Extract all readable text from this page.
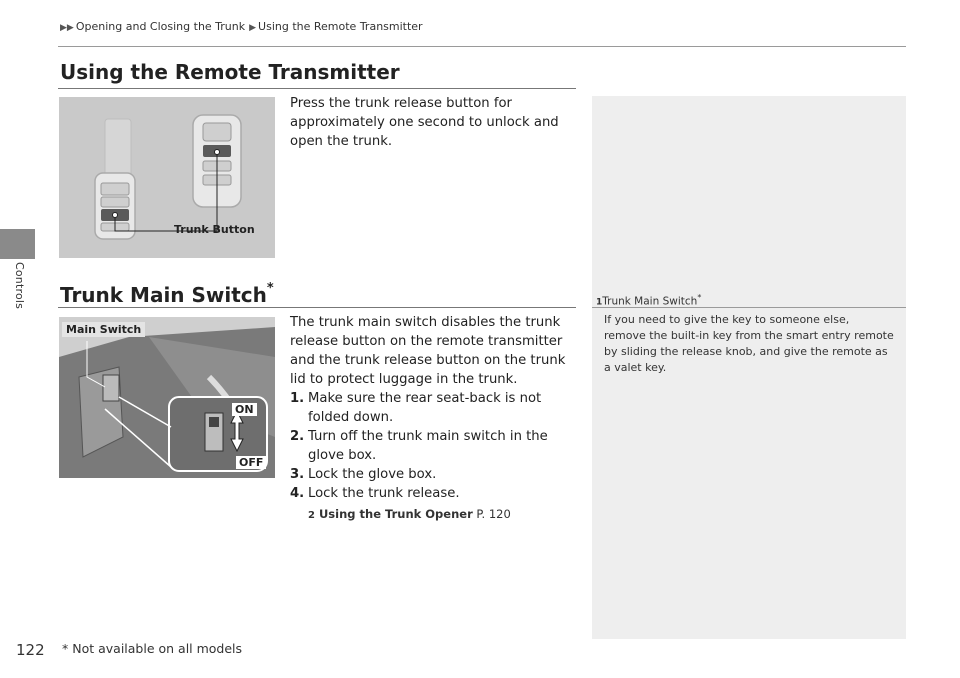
Controls
▶▶ Opening and Closing the Trunk ▶ Using the Remote Transmitter
Using the Remote Transmitter
Trunk Button
Press the trunk release button for approximately one second to unlock and open the trunk.
Trunk Main Switch*
Main Switch
ON
OFF
The trunk main switch disables the trunk release button on the remote transmitter and the trunk release button on the trunk lid to protect luggage in the trunk.
1. Make sure the rear seat-back is not folded down.
2. Turn off the trunk main switch in the glove box.
3. Lock the glove box.
4. Lock the trunk release.
2 Using the Trunk Opener P. 120
1Trunk Main Switch*
If you need to give the key to someone else, remove the built-in key from the smart entry remote by sliding the release knob, and give the remote as a valet key.
122 * Not available on all models
